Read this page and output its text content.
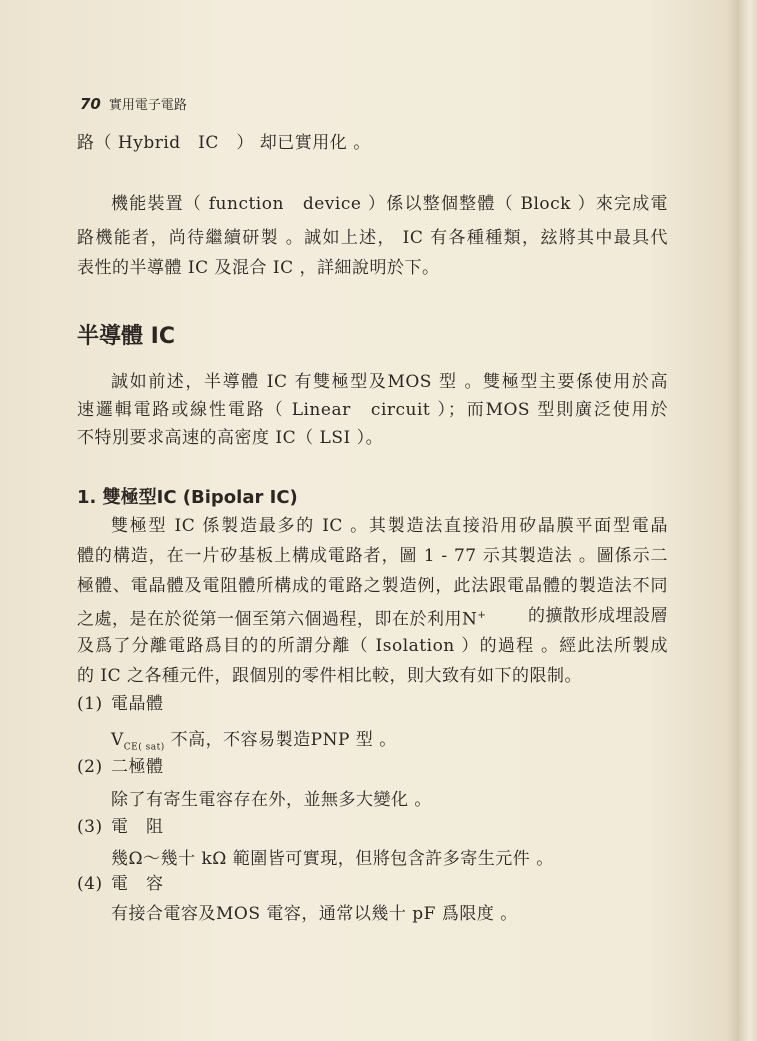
70 實用電子電路
路（ Hybrid　IC　） 却已實用化 。
機能裝置（ function　device ）係以整個整體（ Block ）來完成電
路機能者，尚待繼續研製 。誠如上述， IC 有各種種類，玆將其中最具代
表性的半導體 IC 及混合 IC ，詳細說明於下。
半導體 IC
誠如前述，半導體 IC 有雙極型及MOS 型 。雙極型主要係使用於高
速邏輯電路或線性電路（ Linear　circuit ）；而MOS 型則廣泛使用於
不特別要求高速的高密度 IC（ LSI ）。
1. 雙極型IC (Bipolar IC)
雙極型 IC 係製造最多的 IC 。其製造法直接沿用矽晶膜平面型電晶
體的構造，在一片矽基板上構成電路者，圖 1 - 77 示其製造法 。圖係示二
極體、電晶體及電阻體所構成的電路之製造例，此法跟電晶體的製造法不同
之處，是在於從第一個至第六個過程，即在於利用N+ 的擴散形成埋設層
及爲了分離電路爲目的的所謂分離（ Isolation ）的過程 。經此法所製成
的 IC 之各種元件，跟個別的零件相比較，則大致有如下的限制。
(1) 電晶體
$V_{CE( sat)}$ 不高，不容易製造PNP 型 。
(2) 二極體
除了有寄生電容存在外，並無多大變化 。
(3) 電　阻
幾Ω～幾十 kΩ 範圍皆可實現，但將包含許多寄生元件 。
(4) 電　容
有接合電容及MOS 電容，通常以幾十 pF 爲限度 。
